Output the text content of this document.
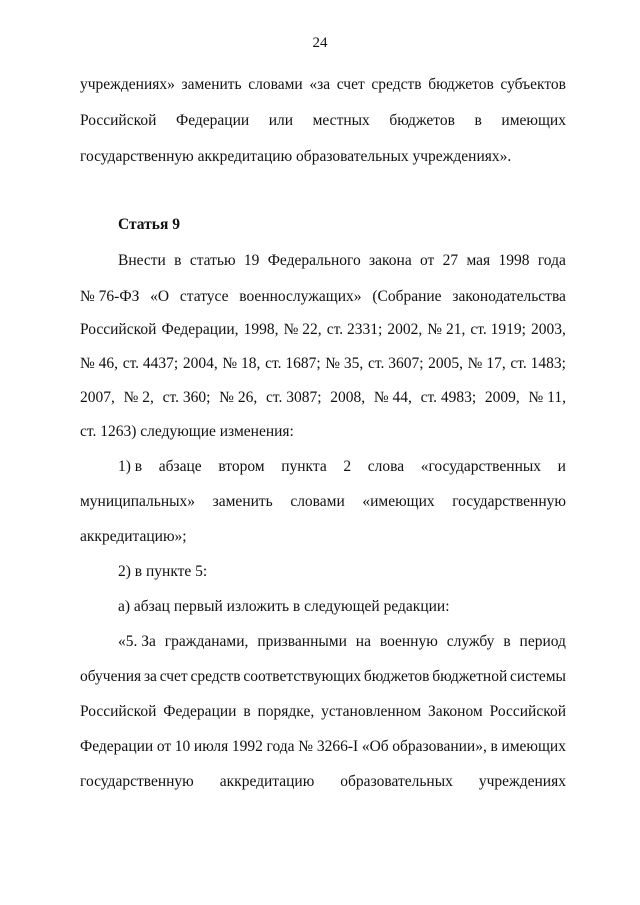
24
учреждениях» заменить словами «за счет средств бюджетов субъектов
Российской Федерации или местных бюджетов в имеющих
государственную аккредитацию образовательных учреждениях».
Статья 9
Внести в статью 19 Федерального закона от 27 мая 1998 года
№ 76-ФЗ «О статусе военнослужащих» (Собрание законодательства
Российской Федерации, 1998, № 22, ст. 2331; 2002, № 21, ст. 1919; 2003,
№ 46, ст. 4437; 2004, № 18, ст. 1687; № 35, ст. 3607; 2005, № 17, ст. 1483;
2007, № 2, ст. 360; № 26, ст. 3087; 2008, № 44, ст. 4983; 2009, № 11,
ст. 1263) следующие изменения:
1) в абзаце втором пункта 2 слова «государственных и
муниципальных» заменить словами «имеющих государственную
аккредитацию»;
2) в пункте 5:
а) абзац первый изложить в следующей редакции:
«5. За гражданами, призванными на военную службу в период
обучения за счет средств соответствующих бюджетов бюджетной системы
Российской Федерации в порядке, установленном Законом Российской
Федерации от 10 июля 1992 года № 3266-I «Об образовании», в имеющих
государственную аккредитацию образовательных учреждениях
